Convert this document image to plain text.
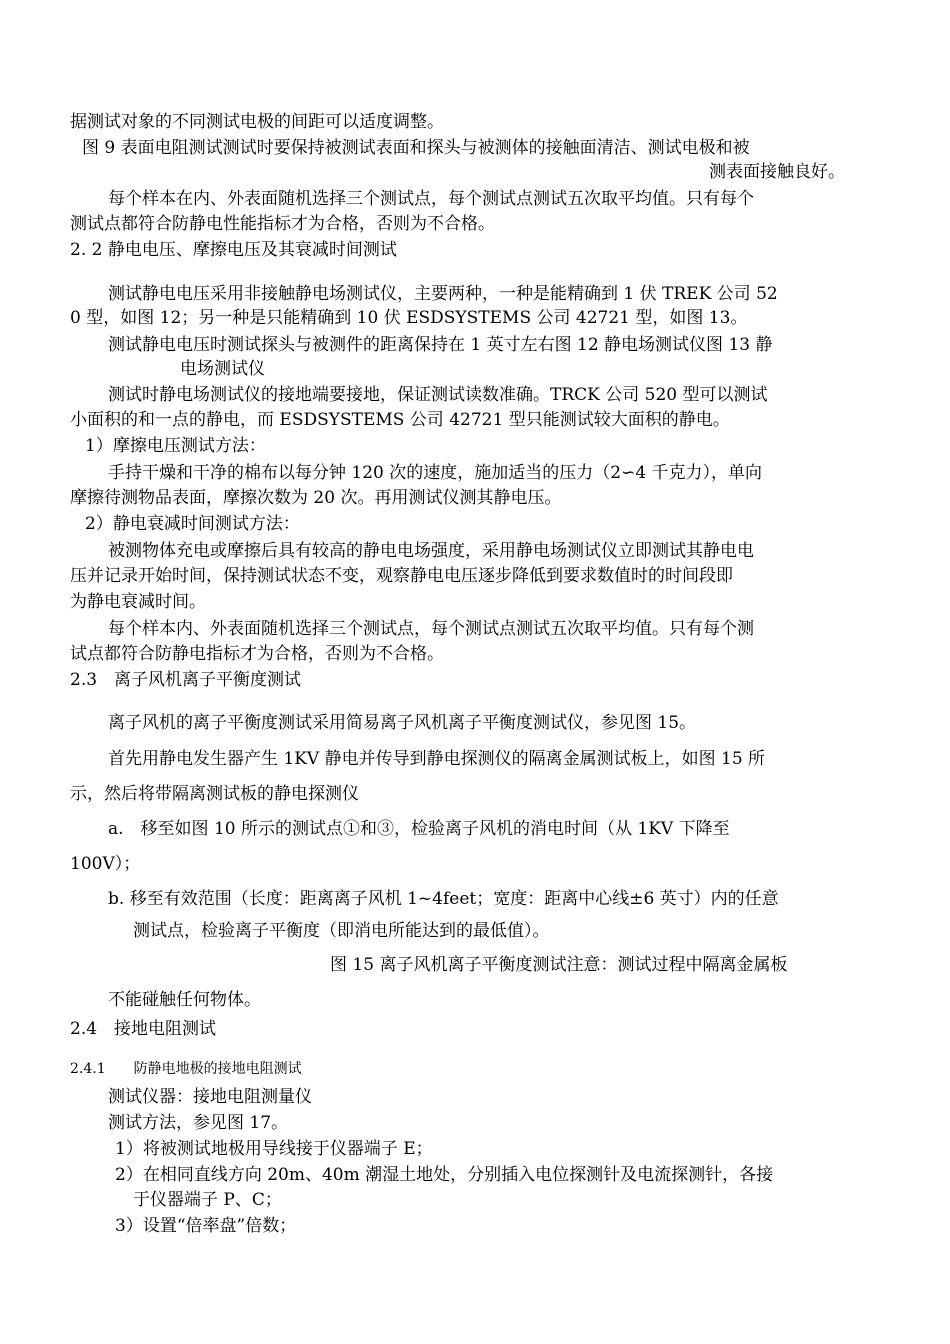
据测试对象的不同测试电极的间距可以适度调整。
图 9 表面电阻测试测试时要保持被测试表面和探头与被测体的接触面清洁、测试电极和被
测表面接触良好。
每个样本在内、外表面随机选择三个测试点，每个测试点测试五次取平均值。只有每个
测试点都符合防静电性能指标才为合格，否则为不合格。
2. 2 静电电压、摩擦电压及其衰减时间测试
测试静电电压采用非接触静电场测试仪，主要两种，一种是能精确到 1 伏 TREK 公司 52
0 型，如图 12；另一种是只能精确到 10 伏 ESDSYSTEMS 公司 42721 型，如图 13。
测试静电电压时测试探头与被测件的距离保持在 1 英寸左右图 12 静电场测试仪图 13 静
电场测试仪
测试时静电场测试仪的接地端要接地，保证测试读数准确。TRCK 公司 520 型可以测试
小面积的和一点的静电，而 ESDSYSTEMS 公司 42721 型只能测试较大面积的静电。
1）摩擦电压测试方法：
手持干燥和干净的棉布以每分钟 120 次的速度，施加适当的压力（2∽4 千克力），单向
摩擦待测物品表面，摩擦次数为 20 次。再用测试仪测其静电压。
2）静电衰减时间测试方法：
被测物体充电或摩擦后具有较高的静电电场强度，采用静电场测试仪立即测试其静电电
压并记录开始时间，保持测试状态不变，观察静电电压逐步降低到要求数值时的时间段即
为静电衰减时间。
每个样本内、外表面随机选择三个测试点，每个测试点测试五次取平均值。只有每个测
试点都符合防静电指标才为合格，否则为不合格。
2.3　离子风机离子平衡度测试
离子风机的离子平衡度测试采用简易离子风机离子平衡度测试仪，参见图 15。
首先用静电发生器产生 1KV 静电并传导到静电探测仪的隔离金属测试板上，如图 15 所
示，然后将带隔离测试板的静电探测仪
a.　移至如图 10 所示的测试点①和③，检验离子风机的消电时间（从 1KV 下降至
100V）；
b. 移至有效范围（长度：距离离子风机 1~4feet；宽度：距离中心线±6 英寸）内的任意
测试点，检验离子平衡度（即消电所能达到的最低值）。
图 15 离子风机离子平衡度测试注意：测试过程中隔离金属板
不能碰触任何物体。
2.4　接地电阻测试
2.4.1　　防静电地极的接地电阻测试
测试仪器：接地电阻测量仪
测试方法，参见图 17。
1）将被测试地极用导线接于仪器端子 E；
2）在相同直线方向 20m、40m 潮湿土地处，分别插入电位探测针及电流探测针，各接
于仪器端子 P、C；
3）设置“倍率盘”倍数；
